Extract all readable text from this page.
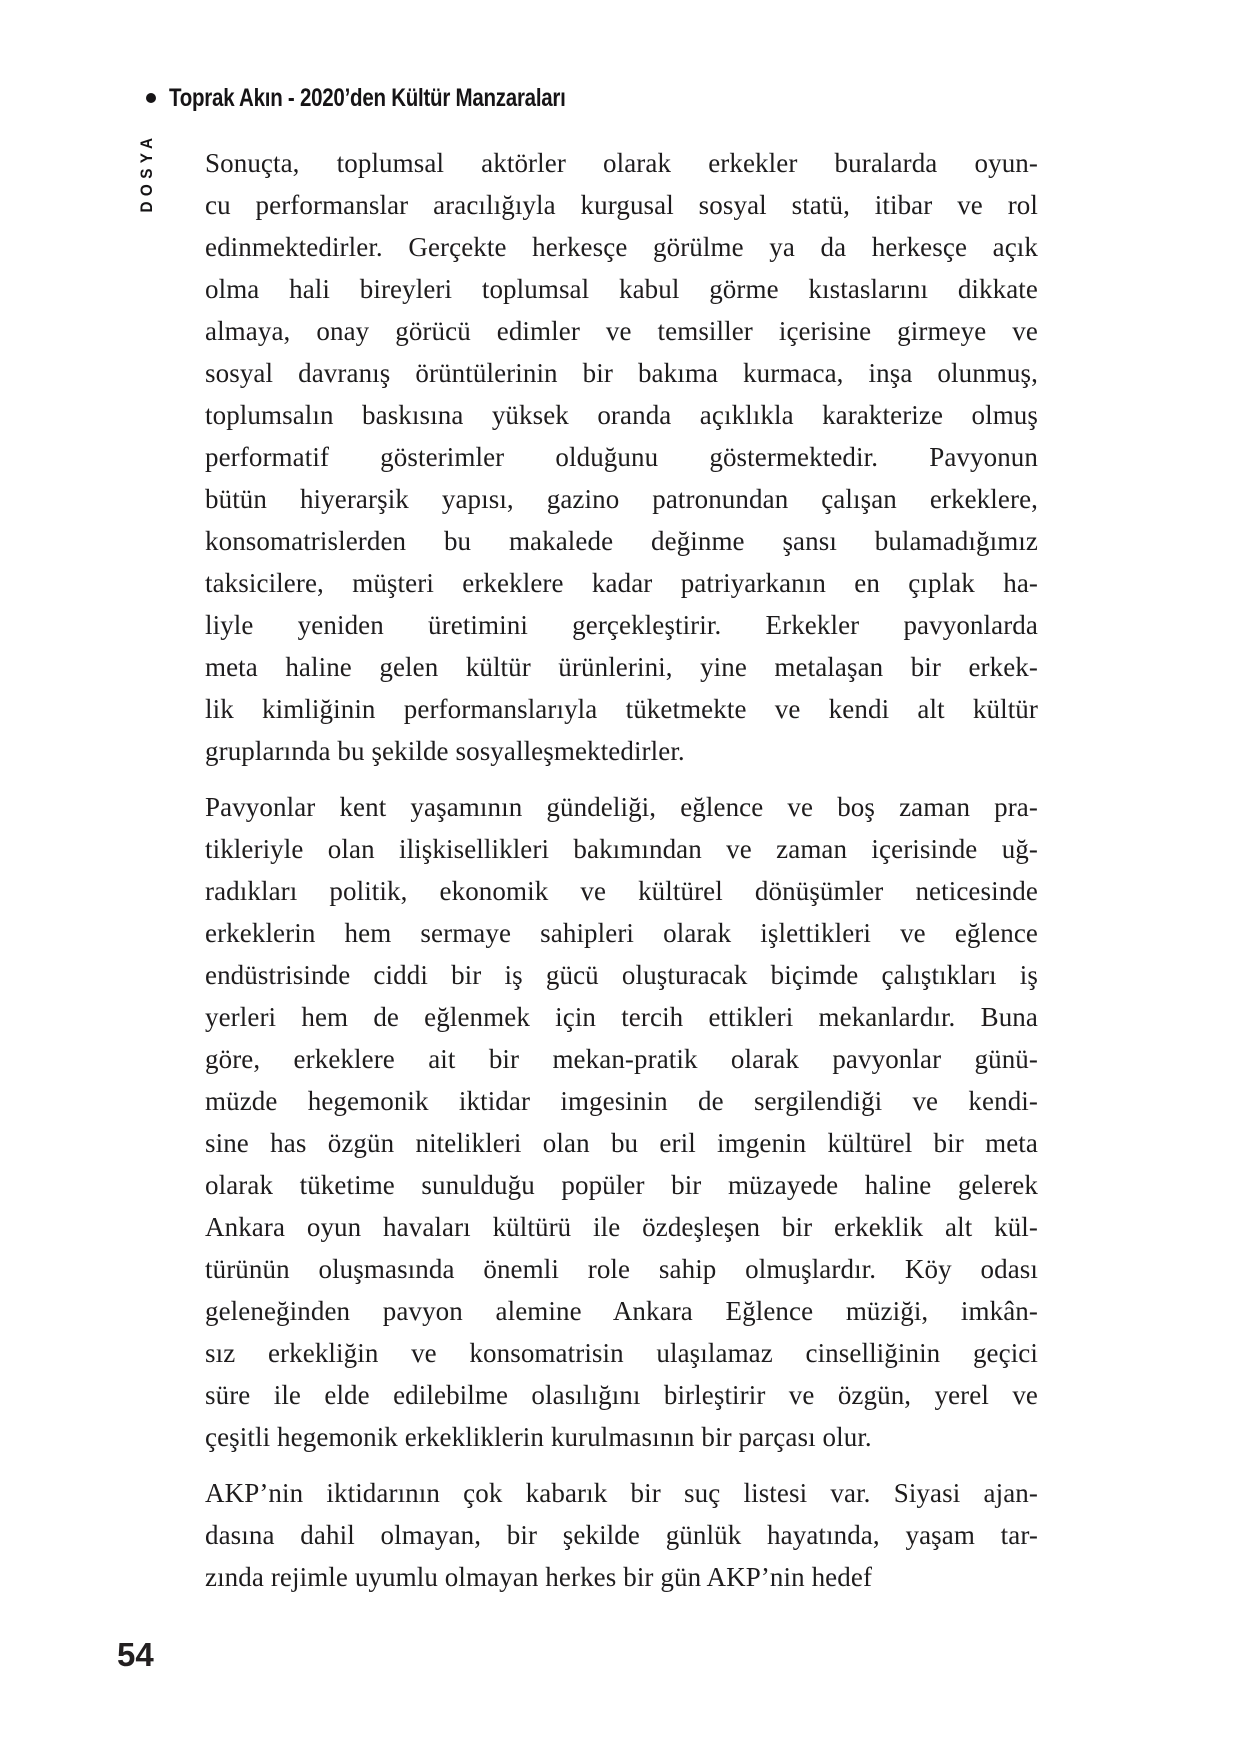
Toprak Akın - 2020’den Kültür Manzaraları
DOSYA Sonuçta, toplumsal aktörler olarak erkekler buralarda oyun-
cu performanslar aracılığıyla kurgusal sosyal statü, itibar ve rol
edinmektedirler. Gerçekte herkesçe görülme ya da herkesçe açık
olma hali bireyleri toplumsal kabul görme kıstaslarını dikkate
almaya, onay görücü edimler ve temsiller içerisine girmeye ve
sosyal davranış örüntülerinin bir bakıma kurmaca, inşa olunmuş,
toplumsalın baskısına yüksek oranda açıklıkla karakterize olmuş
performatif gösterimler olduğunu göstermektedir. Pavyonun
bütün hiyerarşik yapısı, gazino patronundan çalışan erkeklere,
konsomatrislerden bu makalede değinme şansı bulamadığımız
taksicilere, müşteri erkeklere kadar patriyarkanın en çıplak ha-
liyle yeniden üretimini gerçekleştirir. Erkekler pavyonlarda
meta haline gelen kültür ürünlerini, yine metalaşan bir erkek-
lik kimliğinin performanslarıyla tüketmekte ve kendi alt kültür
gruplarında bu şekilde sosyalleşmektedirler.
Pavyonlar kent yaşamının gündeliği, eğlence ve boş zaman pra-
tikleriyle olan ilişkisellikleri bakımından ve zaman içerisinde uğ-
radıkları politik, ekonomik ve kültürel dönüşümler neticesinde
erkeklerin hem sermaye sahipleri olarak işlettikleri ve eğlence
endüstrisinde ciddi bir iş gücü oluşturacak biçimde çalıştıkları iş
yerleri hem de eğlenmek için tercih ettikleri mekanlardır. Buna
göre, erkeklere ait bir mekan-pratik olarak pavyonlar günü-
müzde hegemonik iktidar imgesinin de sergilendiği ve kendi-
sine has özgün nitelikleri olan bu eril imgenin kültürel bir meta
olarak tüketime sunulduğu popüler bir müzayede haline gelerek
Ankara oyun havaları kültürü ile özdeşleşen bir erkeklik alt kül-
türünün oluşmasında önemli role sahip olmuşlardır. Köy odası
geleneğinden pavyon alemine Ankara Eğlence müziği, imkân-
sız erkekliğin ve konsomatrisin ulaşılamaz cinselliğinin geçici
süre ile elde edilebilme olasılığını birleştirir ve özgün, yerel ve
çeşitli hegemonik erkekliklerin kurulmasının bir parçası olur.
AKP’nin iktidarının çok kabarık bir suç listesi var. Siyasi ajan-
dasına dahil olmayan, bir şekilde günlük hayatında, yaşam tar-
zında rejimle uyumlu olmayan herkes bir gün AKP’nin hedef
54
